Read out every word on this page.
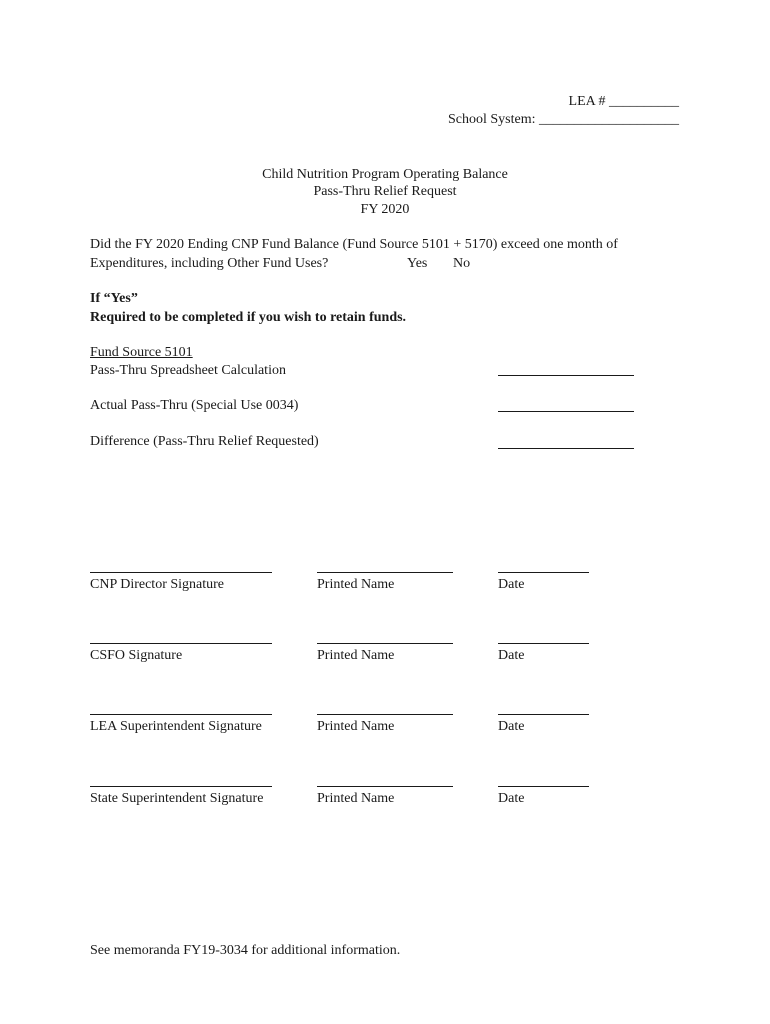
LEA # __________
School System: ____________________
Child Nutrition Program Operating Balance
Pass-Thru Relief Request
FY 2020
Did the FY 2020 Ending CNP Fund Balance (Fund Source 5101 + 5170) exceed one month of
Expenditures, including Other Fund Uses?	Yes No
If “Yes”
Required to be completed if you wish to retain funds.
Fund Source 5101
Pass-Thru Spreadsheet Calculation
Actual Pass-Thru (Special Use 0034)
Difference (Pass-Thru Relief Requested)
CNP Director Signature	Printed Name	Date
CSFO Signature	Printed Name	Date
LEA Superintendent Signature	Printed Name	Date
State Superintendent Signature	Printed Name	Date
See memoranda FY19-3034 for additional information.
